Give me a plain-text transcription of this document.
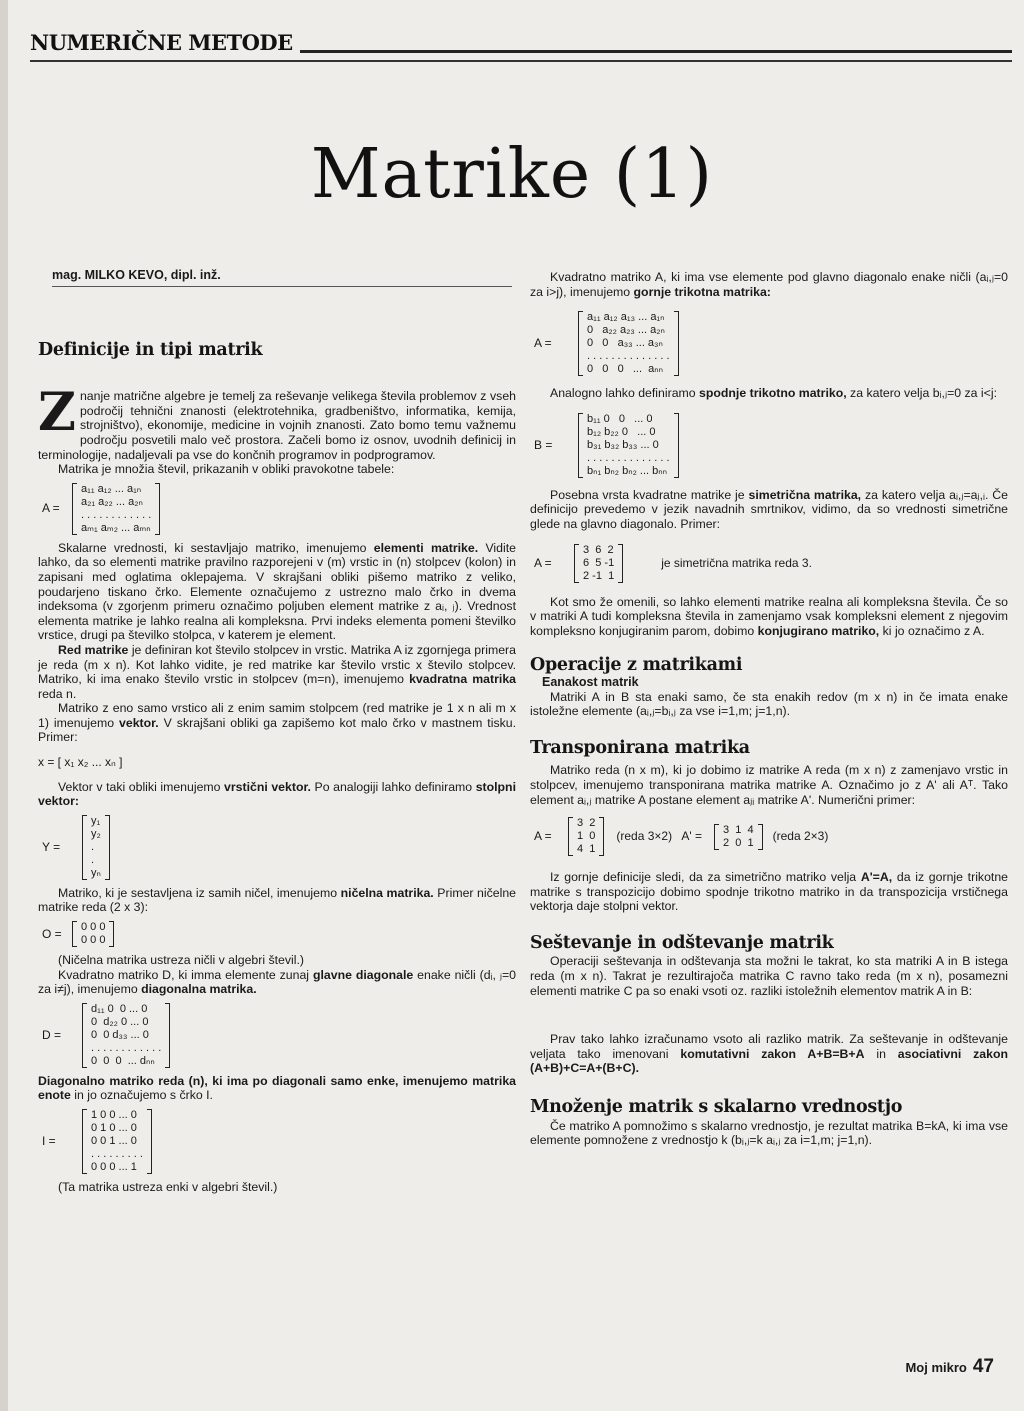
NUMERIČNE METODE
Matrike (1)
mag. MILKO KEVO, dipl. inž.
Definicije in tipi matrik

Znanje matrične algebre je temelj za reševanje velikega števila problemov z vseh področij tehnični znanosti (elektrotehnika, gradbeništvo, informatika, kemija, strojništvo), ekonomije, medicine in vojnih znanosti. Zato bomo temu važnemu področju posvetili malo več prostora. Začeli bomo iz osnov, uvodnih definicij in terminologije, nadaljevali pa vse do končnih programov in podprogramov.

Matrika je množia števil, prikazanih v obliki pravokotne tabele:

A =
a₁₁ a₁₂ ... a₁ₙ
a₂₁ a₂₂ ... a₂ₙ
. . . . . . . . . . . .
aₘ₁ aₘ₂ ... aₘₙ

Skalarne vrednosti, ki sestavljajo matriko, imenujemo elementi matrike. Vidite lahko, da so elementi matrike pravilno razporejeni v (m) vrstic in (n) stolpcev (kolon) in zapisani med oglatima oklepajema. V skrajšani obliki pišemo matriko z veliko, poudarjeno tiskano črko. Elemente označujemo z ustrezno malo črko in dvema indeksoma (v zgorjenm primeru označimo poljuben element matrike z aᵢ, ⱼ). Vrednost elementa matrike je lahko realna ali kompleksna. Prvi indeks elementa pomeni številko vrstice, drugi pa številko stolpca, v katerem je element.

Red matrike je definiran kot število stolpcev in vrstic. Matrika A iz zgornjega primera je reda (m x n). Kot lahko vidite, je red matrike kar število vrstic x število stolpcev. Matriko, ki ima enako število vrstic in stolpcev (m=n), imenujemo kvadratna matrika reda n.

Matriko z eno samo vrstico ali z enim samim stolpcem (red matrike je 1 x n ali m x 1) imenujemo vektor. V skrajšani obliki ga zapišemo kot malo črko v mastnem tisku. Primer:

x = [ x₁ x₂ ... xₙ ]

Vektor v taki obliki imenujemo vrstični vektor. Po analogiji lahko definiramo stolpni vektor:

Y =
y₁
y₂
.
.
yₙ

Matriko, ki je sestavljena iz samih ničel, imenujemo ničelna matrika. Primer ničelne matrike reda (2 x 3):

O =	0 0 0
0 0 0

(Ničelna matrika ustreza ničli v algebri števil.)

Kvadratno matriko D, ki imma elemente zunaj glavne diagonale enake ničli (dᵢ, ⱼ=0 za i≠j), imenujemo diagonalna matrika.

D =
d₁₁ 0  0 ... 0
0  d₂₂ 0 ... 0
0  0 d₃₃ ... 0
. . . . . . . . . . . .
0  0  0  ... dₙₙ

Diagonalno matriko reda (n), ki ima po diagonali samo enke, imenujemo matrika enote in jo označujemo s črko I.

I =
1 0 0 ... 0
0 1 0 ... 0
0 0 1 ... 0
. . . . . . . . .
0 0 0 ... 1

(Ta matrika ustreza enki v algebri števil.)

Kvadratno matriko A, ki ima vse elemente pod glavno diagonalo enake ničli (aᵢ,ⱼ=0 za i>j), imenujemo gornje trikotna matrika:

A =
a₁₁ a₁₂ a₁₃ ... a₁ₙ
0   a₂₂ a₂₃ ... a₂ₙ
0   0   a₃₃ ... a₃ₙ
. . . . . . . . . . . . . .
0   0   0   ...  aₙₙ

Analogno lahko definiramo spodnje trikotno matriko, za katero velja bᵢ,ⱼ=0 za i<j:

B =
b₁₁ 0   0   ... 0
b₁₂ b₂₂ 0   ... 0
b₃₁ b₃₂ b₃₃ ... 0
. . . . . . . . . . . . . .
bₙ₁ bₙ₂ bₙ₂ ... bₙₙ

Posebna vrsta kvadratne matrike je simetrična matrika, za katero velja aᵢ,ⱼ=aⱼ,ᵢ. Če definicijo prevedemo v jezik navadnih smrtnikov, vidimo, da so vrednosti simetrične glede na glavno diagonalo. Primer:

A =
3  6  2
6  5 -1
2 -1  1
je simetrična matrika reda 3.

Kot smo že omenili, so lahko elementi matrike realna ali kompleksna števila. Če so v matriki A tudi kompleksna števila in zamenjamo vsak kompleksni element z njegovim kompleksno konjugiranim parom, dobimo konjugirano matriko, ki jo označimo z A.

Operacije z matrikami
Eanakost matrik

Matriki A in B sta enaki samo, če sta enakih redov (m x n) in če imata enake istoležne elemente (aᵢ,ⱼ=bᵢ,ⱼ za vse i=1,m; j=1,n).

Transponirana matrika

Matriko reda (n x m), ki jo dobimo iz matrike A reda (m x n) z zamenjavo vrstic in stolpcev, imenujemo transponirana matrika matrike A. Označimo jo z A' ali Aᵀ. Tako element aᵢ,ⱼ matrike A postane element aⱼᵢ matrike A'. Numerični primer:

A =
3  2
1  0
4  1
(reda 3×2)   A' = 3  1  4
2  0  1 (reda 2×3)

Iz gornje definicije sledi, da za simetrično matriko velja A'=A, da iz gornje trikotne matrike s transpozicijo dobimo spodnje trikotno matriko in da transpozicija vrstičnega vektorja daje stolpni vektor.

Seštevanje in odštevanje matrik

Operaciji seštevanja in odštevanja sta možni le takrat, ko sta matriki A in B istega reda (m x n). Takrat je rezultirajoča matrika C ravno tako reda (m x n), posamezni elementi matrike C pa so enaki vsoti oz. razliki istoležnih elementov matrik A in B:

Prav tako lahko izračunamo vsoto ali razliko matrik. Za seštevanje in odštevanje veljata tako imenovani komutativni zakon A+B=B+A in asociativni zakon (A+B)+C=A+(B+C).

Množenje matrik s skalarno vrednostjo

Če matriko A pomnožimo s skalarno vrednostjo, je rezultat matrika B=kA, ki ima vse elemente pomnožene z vrednostjo k (bᵢ,ⱼ=k aᵢ,ⱼ za i=1,m; j=1,n).

Moj mikro 47
